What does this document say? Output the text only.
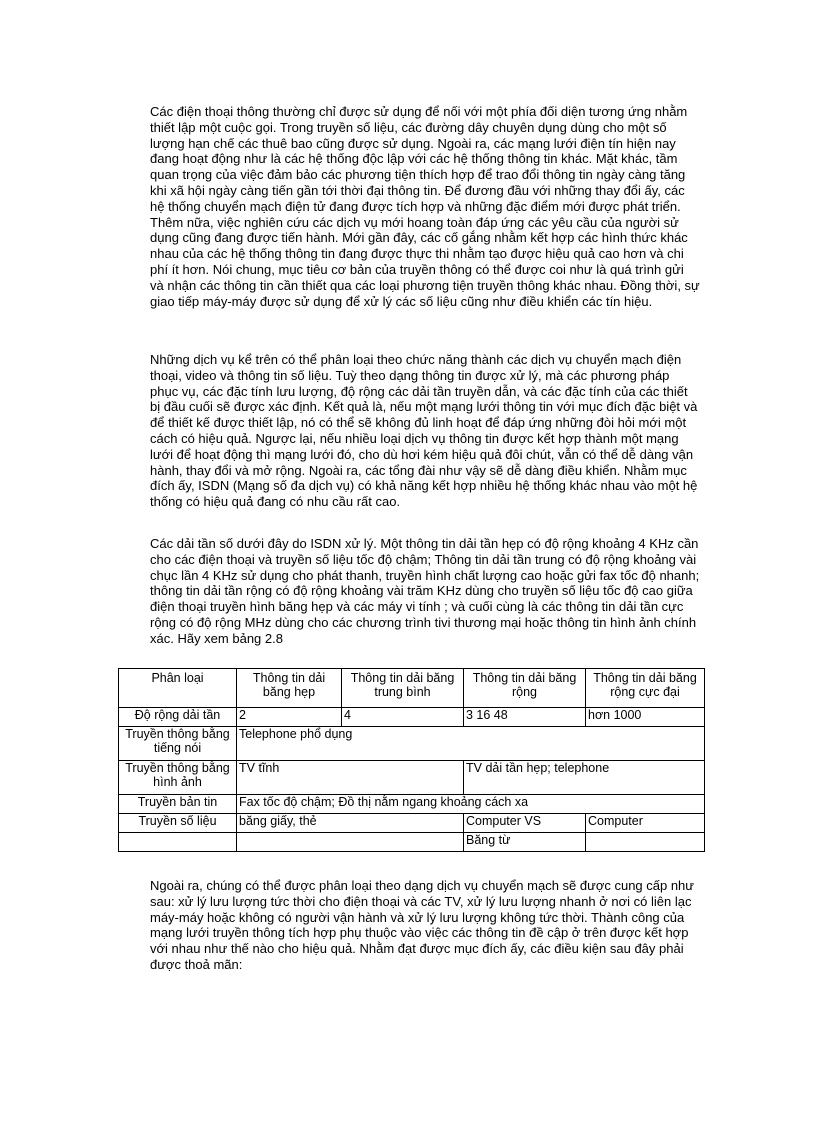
Các điện thoại thông thường chỉ được sử dụng để nối với một phía đối diện tương ứng nhằm thiết lập một cuộc gọi. Trong truyền số liệu, các đường dây chuyên dụng dùng cho một số lượng hạn chế các thuê bao cũng được sử dụng. Ngoài ra, các mạng lưới điện tín hiện nay đang hoạt động như là các hệ thống độc lập với các hệ thống thông tin khác. Mặt khác, tầm quan trọng của việc đảm bảo các phương tiện thích hợp để trao đổi thông tin ngày càng tăng khi xã hội ngày càng tiến gần tới thời đại thông tin. Để đương đầu với những thay đổi ấy, các hệ thống chuyển mạch điện tử đang được tích hợp và những đặc điểm mới được phát triển. Thêm nữa, việc nghiên cứu các dịch vụ mới hoang toàn đáp ứng các yêu cầu của người sử dụng cũng đang được tiến hành. Mới gần đây, các cố gắng nhằm kết hợp các hình thức khác nhau của các hệ thống thông tin đang được thực thi nhằm tạo được hiệu quả cao hơn và chi phí ít hơn. Nói chung, mục tiêu cơ bản của truyền thông có thể được coi như là quá trình gửi và nhận các thông tin cần thiết qua các loại phương tiện truyền thông khác nhau. Đồng thời, sự giao tiếp máy-máy được sử dụng để xử lý các số liệu cũng như điều khiển các tín hiệu.

Những dịch vụ kể trên có thể phân loại theo chức năng thành các dịch vụ chuyển mạch điện thoại, video và thông tin số liệu. Tuỳ theo dạng thông tin được xử lý, mà các phương pháp phục vụ, các đặc tính lưu lượng, độ rộng các dải tần truyền dẫn, và các đặc tính của các thiết bị đầu cuối sẽ được xác định. Kết quả là, nếu một mạng lưới thông tin với mục đích đặc biệt và để thiết kế được thiết lập, nó có thể sẽ không đủ linh hoạt để đáp ứng những đòi hỏi mới một cách có hiệu quả. Ngược lại, nếu nhiều loại dịch vụ thông tin được kết hợp thành một mạng lưới để hoạt động thì mạng lưới đó, cho dù hơi kém hiệu quả đôi chút, vẫn có thể dễ dàng vận hành, thay đổi và mở rộng. Ngoài ra, các tổng đài như vậy sẽ dễ dàng điều khiển. Nhằm mục đích ấy, ISDN (Mạng số đa dịch vụ) có khả năng kết hợp nhiều hệ thống khác nhau vào một hệ thống có hiệu quả đang có nhu cầu rất cao.

Các dải tần số dưới đây do ISDN xử lý. Một thông tin dải tần hẹp có độ rộng khoảng 4 KHz cần cho các điện thoại và truyền số liệu tốc độ chậm; Thông tin dải tần trung có độ rộng khoảng vài chục lần 4 KHz sử dụng cho phát thanh, truyền hình chất lượng cao hoặc gửi fax tốc độ nhanh; thông tin dải tần rộng có độ rộng khoảng vài trăm KHz dùng cho truyền số liệu tốc độ cao giữa điện thoại truyền hình băng hẹp và các máy vi tính ; và cuối cùng là các thông tin dải tần cực rộng có độ rộng MHz dùng cho các chương trình tivi thương mại hoặc thông tin hình ảnh chính xác. Hãy xem bảng 2.8

Phân loại	Thông tin dải băng hẹp	Thông tin dải băng trung bình	Thông tin dải băng rộng	Thông tin dải băng rộng cực đại
Độ rộng dải tần	2	4	3 16 48	hơn 1000
Truyền thông bằng tiếng nói	Telephone phổ dụng			
Truyền thông bằng hình ảnh	TV tĩnh		TV dải tần hẹp; telephone	
Truyền bản tin	Fax tốc độ chậm; Đồ thị nằm ngang khoảng cách xa			
Truyền số liệu	băng giấy, thẻ		Computer VS	Computer
			Băng từ	

Ngoài ra, chúng có thể được phân loại theo dạng dịch vụ chuyển mạch sẽ được cung cấp như sau: xử lý lưu lượng tức thời cho điện thoại và các TV, xử lý lưu lượng nhanh ở nơi có liên lạc máy-máy hoặc không có người vận hành và xử lý lưu lượng không tức thời. Thành công của mạng lưới truyền thông tích hợp phụ thuộc vào việc các thông tin đề cập ở trên được kết hợp với nhau như thế nào cho hiệu quả. Nhằm đạt được mục đích ấy, các điều kiện sau đây phải được thoả mãn:
